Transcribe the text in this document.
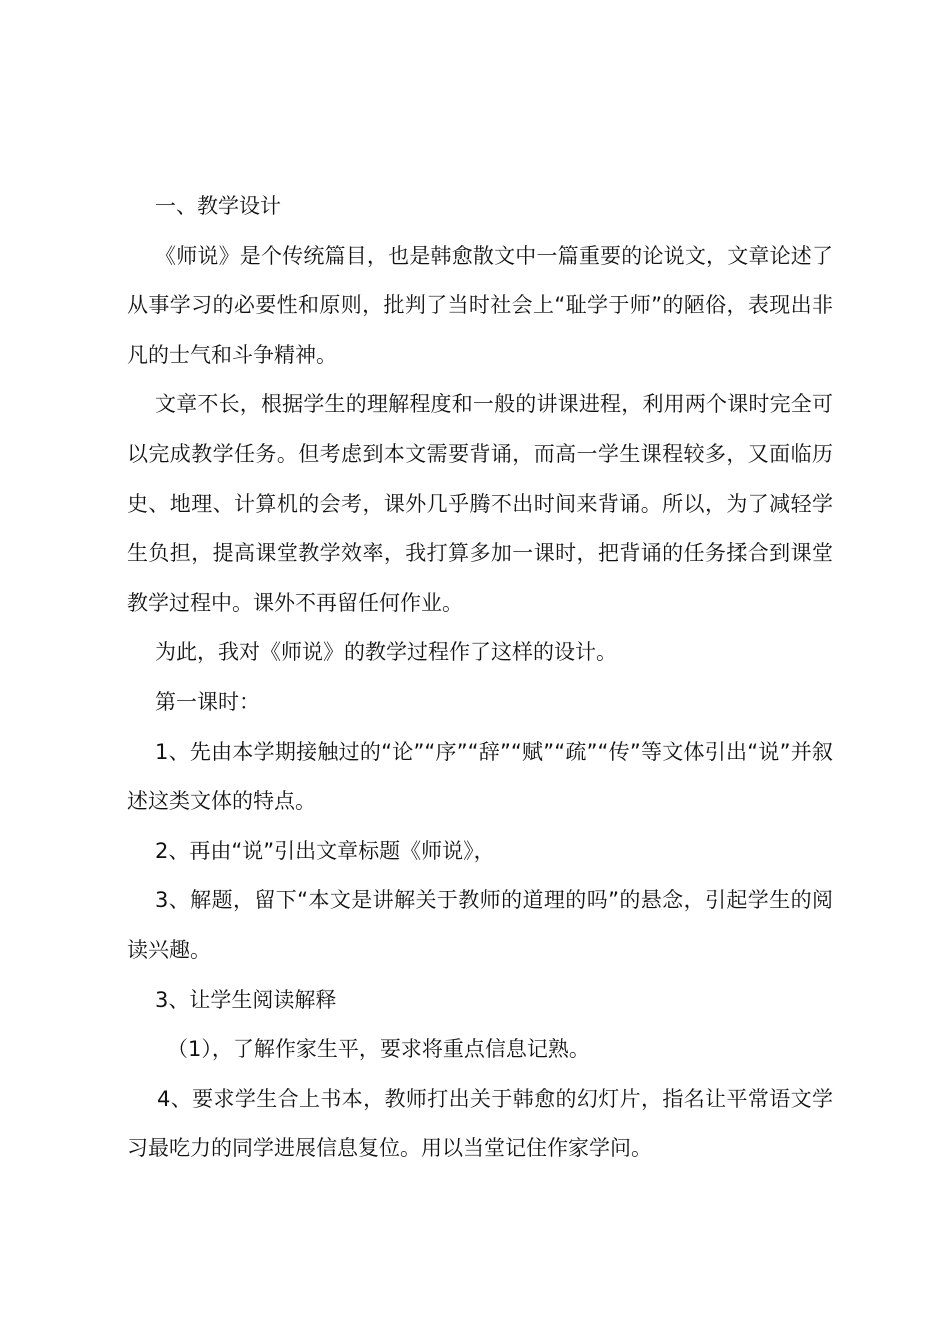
一、教学设计

《师说》是个传统篇目，也是韩愈散文中一篇重要的论说文，文章论述了从事学习的必要性和原则，批判了当时社会上“耻学于师”的陋俗，表现出非凡的士气和斗争精神。

文章不长，根据学生的理解程度和一般的讲课进程，利用两个课时完全可以完成教学任务。但考虑到本文需要背诵，而高一学生课程较多，又面临历史、地理、计算机的会考，课外几乎腾不出时间来背诵。所以，为了减轻学生负担，提高课堂教学效率，我打算多加一课时，把背诵的任务揉合到课堂教学过程中。课外不再留任何作业。

为此，我对《师说》的教学过程作了这样的设计。

第一课时：

1、先由本学期接触过的“论”“序”“辞”“赋”“疏”“传”等文体引出“说”并叙述这类文体的特点。

2、再由“说”引出文章标题《师说》，

3、解题，留下“本文是讲解关于教师的道理的吗”的悬念，引起学生的阅读兴趣。

3、让学生阅读解释

（1），了解作家生平，要求将重点信息记熟。

4、要求学生合上书本，教师打出关于韩愈的幻灯片，指名让平常语文学习最吃力的同学进展信息复位。用以当堂记住作家学问。
